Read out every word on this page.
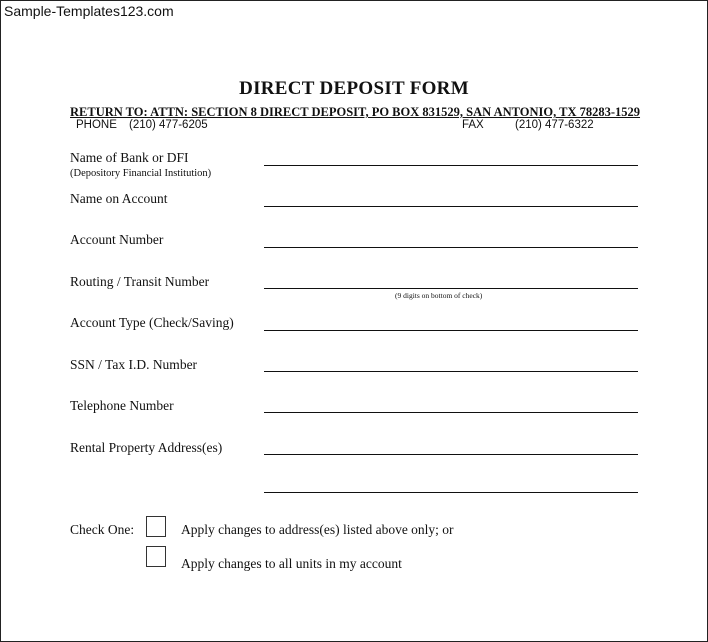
Sample-Templates123.com
DIRECT DEPOSIT FORM
RETURN TO: ATTN: SECTION 8 DIRECT DEPOSIT, PO BOX 831529, SAN ANTONIO, TX 78283-1529
PHONE (210) 477-6205	FAX	(210) 477-6322
Name of Bank or DFI
(Depository Financial Institution)
Name on Account
Account Number
Routing / Transit Number
(9 digits on bottom of check)
Account Type (Check/Saving)
SSN / Tax I.D. Number
Telephone Number
Rental Property Address(es)
Check One:	Apply changes to address(es) listed above only; or
Apply changes to all units in my account
